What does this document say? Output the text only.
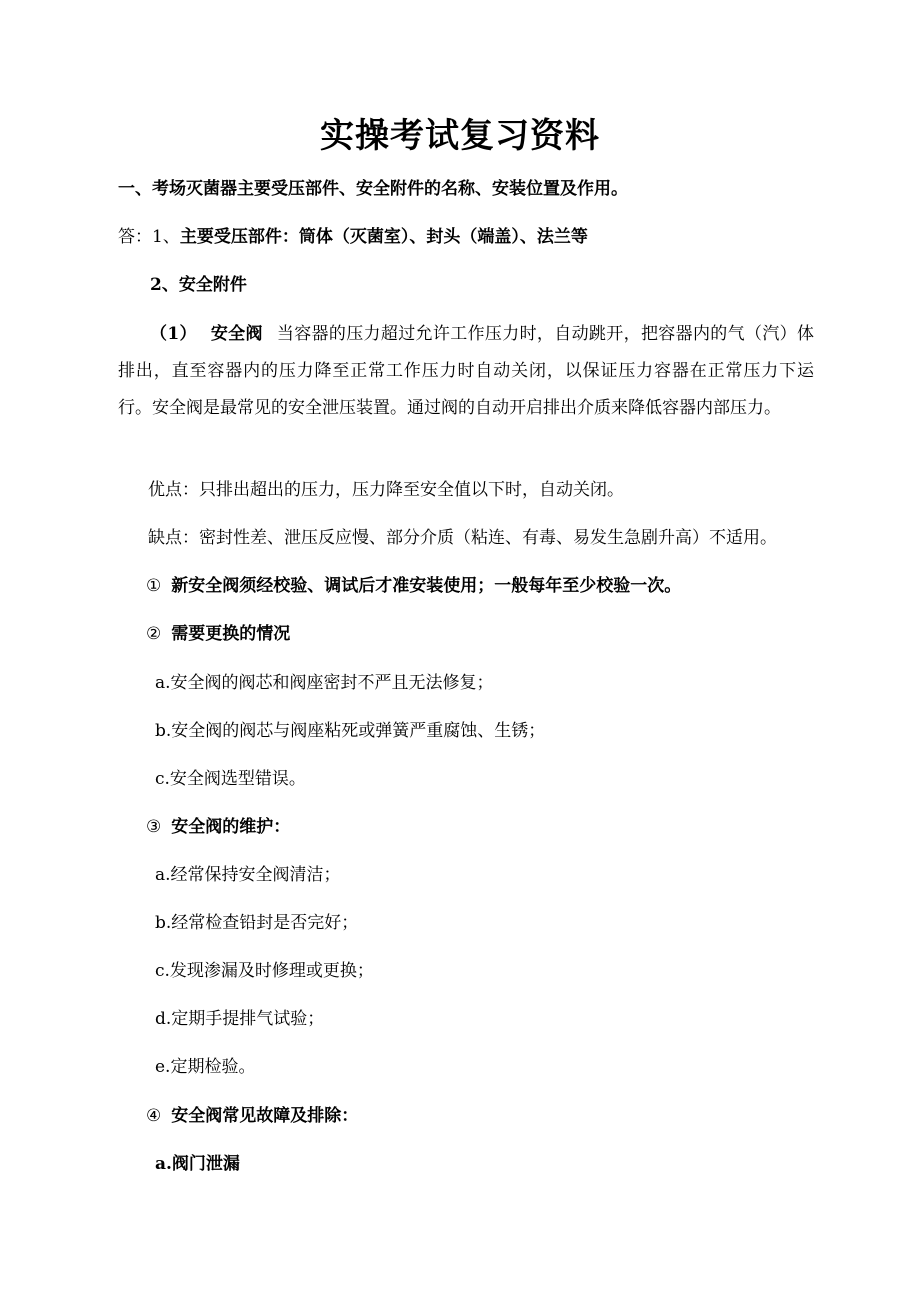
实操考试复习资料

一、考场灭菌器主要受压部件、安全附件的名称、安装位置及作用。

答：1、主要受压部件：筒体（灭菌室）、封头（端盖）、法兰等

2、安全附件

（1） 安全阀 当容器的压力超过允许工作压力时，自动跳开，把容器内的气（汽）体排出，直至容器内的压力降至正常工作压力时自动关闭，以保证压力容器在正常压力下运行。安全阀是最常见的安全泄压装置。通过阀的自动开启排出介质来降低容器内部压力。

优点：只排出超出的压力，压力降至安全值以下时，自动关闭。

缺点：密封性差、泄压反应慢、部分介质（粘连、有毒、易发生急剧升高）不适用。

① 新安全阀须经校验、调试后才准安装使用；一般每年至少校验一次。

② 需要更换的情况

a.安全阀的阀芯和阀座密封不严且无法修复；

b.安全阀的阀芯与阀座粘死或弹簧严重腐蚀、生锈；

c.安全阀选型错误。

③ 安全阀的维护：

a.经常保持安全阀清洁；

b.经常检查铅封是否完好；

c.发现渗漏及时修理或更换；

d.定期手提排气试验；

e.定期检验。

④ 安全阀常见故障及排除：

a.阀门泄漏
